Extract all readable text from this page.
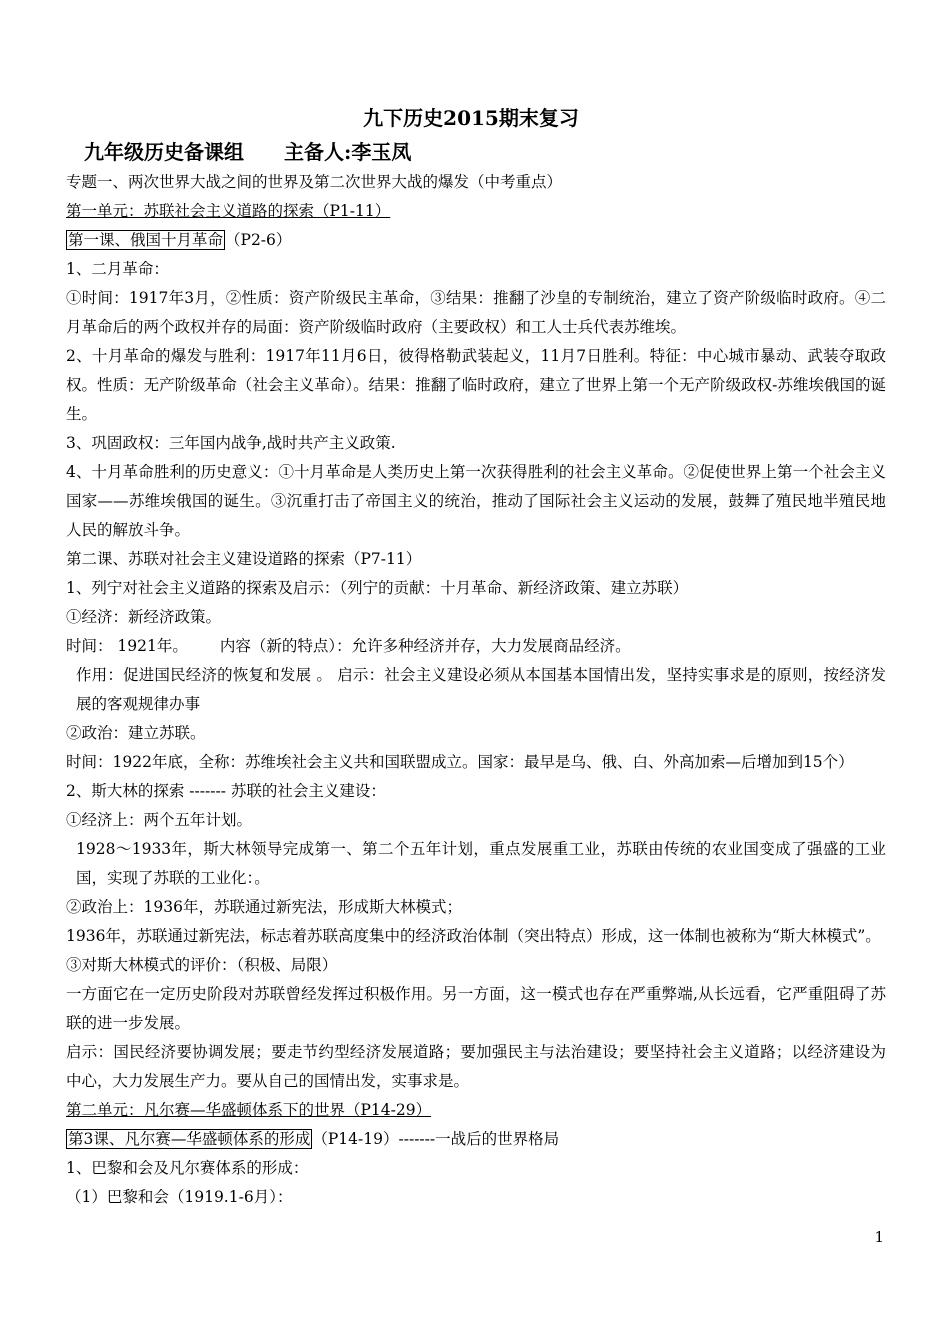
九下历史2015期末复习
九年级历史备课组 主备人:李玉凤
专题一、两次世界大战之间的世界及第二次世界大战的爆发（中考重点）
第一单元：苏联社会主义道路的探索（P1-11）
第一课、俄国十月革命 （P2-6）
1、二月革命：
①时间：1917年3月，②性质：资产阶级民主革命，③结果：推翻了沙皇的专制统治，建立了资产阶级临时政府。④二月革命后的两个政权并存的局面：资产阶级临时政府（主要政权）和工人士兵代表苏维埃。
2、十月革命的爆发与胜利：1917年11月6日，彼得格勒武装起义，11月7日胜利。特征：中心城市暴动、武装夺取政权。性质：无产阶级革命（社会主义革命）。结果：推翻了临时政府，建立了世界上第一个无产阶级政权-苏维埃俄国的诞生。
3、巩固政权：三年国内战争,战时共产主义政策.
4、十月革命胜利的历史意义：①十月革命是人类历史上第一次获得胜利的社会主义革命。②促使世界上第一个社会主义国家——苏维埃俄国的诞生。③沉重打击了帝国主义的统治，推动了国际社会主义运动的发展，鼓舞了殖民地半殖民地人民的解放斗争。
第二课、苏联对社会主义建设道路的探索（P7-11）
1、列宁对社会主义道路的探索及启示：（列宁的贡献：十月革命、新经济政策、建立苏联）
①经济：新经济政策。
时间： 1921年。 内容（新的特点）：允许多种经济并存，大力发展商品经济。
作用：促进国民经济的恢复和发展 。 启示：社会主义建设必须从本国基本国情出发，坚持实事求是的原则，按经济发展的客观规律办事
②政治：建立苏联。
时间：1922年底，全称：苏维埃社会主义共和国联盟成立。国家：最早是乌、俄、白、外高加索—后增加到15个）
2、斯大林的探索 ------- 苏联的社会主义建设：
①经济上：两个五年计划。
1928～1933年，斯大林领导完成第一、第二个五年计划，重点发展重工业，苏联由传统的农业国变成了强盛的工业国，实现了苏联的工业化：。
②政治上：1936年，苏联通过新宪法，形成斯大林模式；
1936年，苏联通过新宪法，标志着苏联高度集中的经济政治体制（突出特点）形成，这一体制也被称为“斯大林模式”。
③对斯大林模式的评价：（积极、局限）
一方面它在一定历史阶段对苏联曾经发挥过积极作用。另一方面，这一模式也存在严重弊端,从长远看，它严重阻碍了苏联的进一步发展。
启示：国民经济要协调发展；要走节约型经济发展道路；要加强民主与法治建设；要坚持社会主义道路；以经济建设为中心，大力发展生产力。要从自己的国情出发，实事求是。
第二单元：凡尔赛—华盛顿体系下的世界（P14-29）
第3课、凡尔赛—华盛顿体系的形成 （P14-19）-------一战后的世界格局
1、巴黎和会及凡尔赛体系的形成：
（1）巴黎和会（1919.1-6月）：
1
